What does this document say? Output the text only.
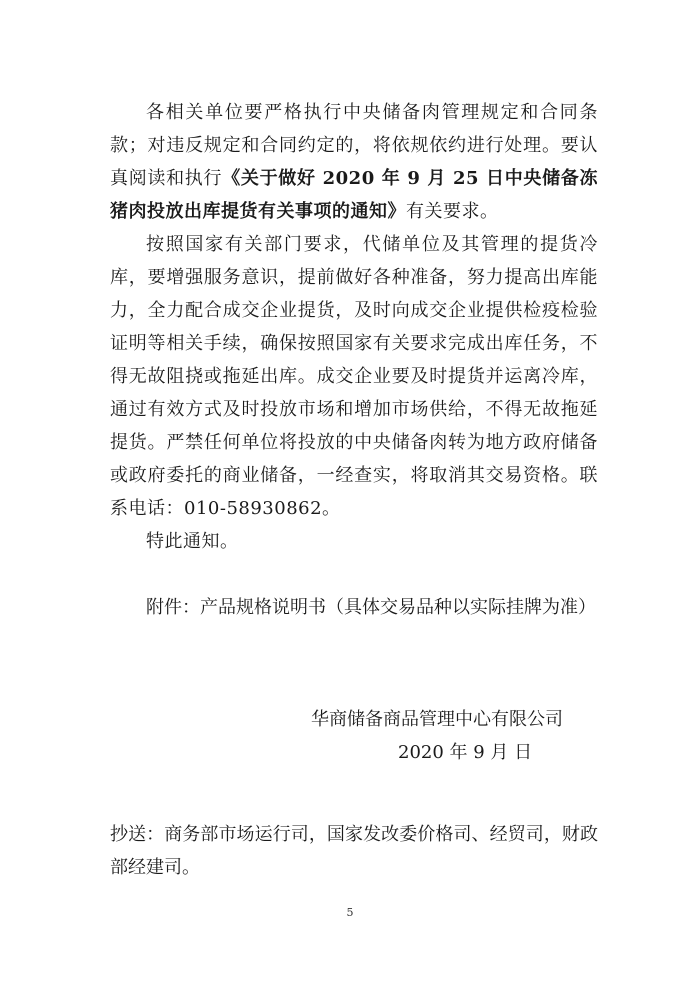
各相关单位要严格执行中央储备肉管理规定和合同条款；对违反规定和合同约定的，将依规依约进行处理。要认真阅读和执行《关于做好 2020 年 9 月 25 日中央储备冻猪肉投放出库提货有关事项的通知》有关要求。

按照国家有关部门要求，代储单位及其管理的提货冷库，要增强服务意识，提前做好各种准备，努力提高出库能力，全力配合成交企业提货，及时向成交企业提供检疫检验证明等相关手续，确保按照国家有关要求完成出库任务，不得无故阻挠或拖延出库。成交企业要及时提货并运离冷库，通过有效方式及时投放市场和增加市场供给，不得无故拖延提货。严禁任何单位将投放的中央储备肉转为地方政府储备或政府委托的商业储备，一经查实，将取消其交易资格。联系电话：010-58930862。

特此通知。

附件：产品规格说明书（具体交易品种以实际挂牌为准）
华商储备商品管理中心有限公司
2020 年 9 月 日
抄送：商务部市场运行司，国家发改委价格司、经贸司，财政部经建司。
5
